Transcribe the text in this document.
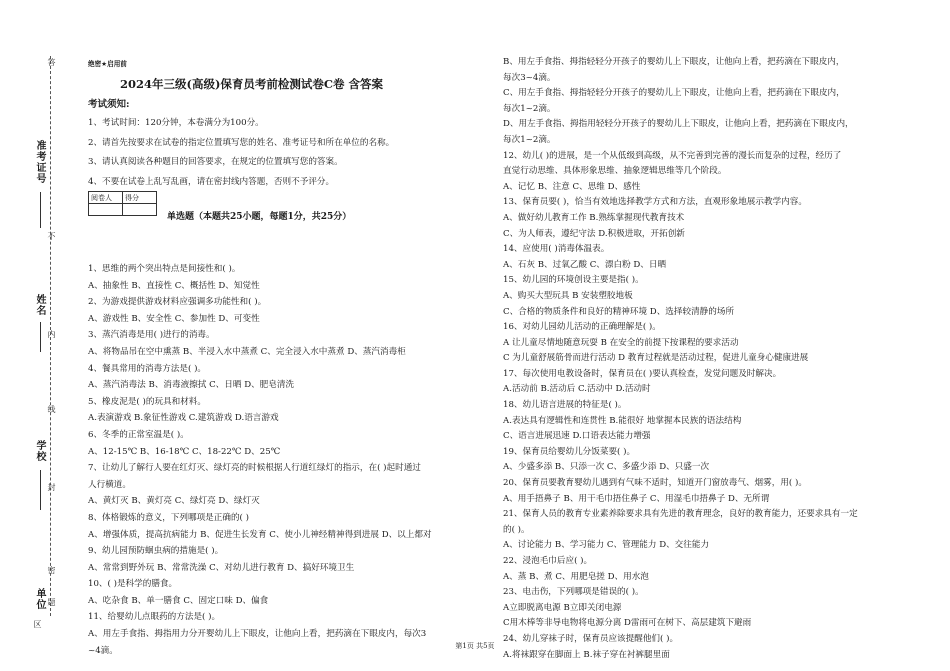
答
不
内
线
封
密
题
准考证号
姓名
学校
单位
区
绝密★启用前
2024年三级(高级)保育员考前检测试卷C卷 含答案
考试须知:
1、考试时间：120分钟，本卷满分为100分。
2、请首先按要求在试卷的指定位置填写您的姓名、准考证号和所在单位的名称。
3、请认真阅读各种题目的回答要求，在规定的位置填写您的答案。
4、不要在试卷上乱写乱画，请在密封线内答题，否则不予评分。
阅卷人	得分

单选题（本题共25小题，每题1分，共25分）
1、思维的两个突出特点是间接性和( )。
A、抽象性 B、直接性 C、概括性 D、知觉性
2、为游戏提供游戏材料应强调多功能性和( )。
A、游戏性 B、安全性 C、参加性 D、可变性
3、蒸汽消毒是用( )进行的消毒。
A、将物品吊在空中熏蒸 B、半浸入水中蒸煮 C、完全浸入水中蒸煮 D、蒸汽消毒柜
4、餐具常用的消毒方法是( )。
A、蒸汽消毒法 B、消毒液擦拭 C、日晒 D、肥皂清洗
5、橡皮泥是( )的玩具和材料。
A.表演游戏 B.象征性游戏 C.建筑游戏 D.语言游戏
6、冬季的正常室温是( )。
A、12-15℃ B、16-18℃ C、18-22℃ D、25℃
7、让幼儿了解行人要在红灯灭、绿灯亮的时候根据人行道红绿灯的指示，在( )起时通过
人行横道。
A、黄灯灭 B、黄灯亮 C、绿灯亮 D、绿灯灭
8、体格锻炼的意义，下列哪项是正确的( )
A、增强体质，提高抗病能力 B、促进生长发育 C、使小儿神经精神得到进展 D、以上都对
9、幼儿园预防蛔虫病的措施是( )。
A、常常到野外玩 B、常常洗澡 C、对幼儿进行教育 D、搞好环境卫生
10、( )是科学的膳食。
A、吃杂食 B、单一膳食 C、固定口味 D、偏食
11、给婴幼儿点眼药的方法是( )。
A、用左手食指、拇指用力分开婴幼儿上下眼皮，让他向上看，把药滴在下眼皮内，每次3
~4滴。
B、用左手食指、拇指轻轻分开孩子的婴幼儿上下眼皮，让他向上看，把药滴在下眼皮内，
每次3~4滴。
C、用左手食指、拇指轻轻分开孩子的婴幼儿上下眼皮，让他向上看，把药滴在下眼皮内，
每次1~2滴。
D、用左手食指、拇指用轻轻分开孩子的婴幼儿上下眼皮，让他向上看，把药滴在下眼皮内，
每次1~2滴。
12、幼儿( )的进展，是一个从低级到高级，从不完善到完善的漫长而复杂的过程，经历了
直觉行动思维、具体形象思维、抽象逻辑思维等几个阶段。
A、记忆 B、注意 C、思维 D、感性
13、保育员要( )，恰当有效地选择教学方式和方法，直观形象地展示教学内容。
A、做好幼儿教育工作 B.熟练掌握现代教育技术
C、为人师表，遵纪守法 D.积极进取，开拓创新
14、应使用( )消毒体温表。
A、石灰 B、过氧乙酸 C、漂白粉 D、日晒
15、幼儿园的环境创设主要是指( )。
A、购买大型玩具 B 安装塑胶地板
C、合格的物质条件和良好的精神环境 D、选择较清静的场所
16、对幼儿园幼儿活动的正确理解是( )。
A 让儿童尽情地随意玩耍 B 在安全的前提下按课程的要求活动
C 为儿童舒展筋骨而进行活动 D 教育过程就是活动过程，促进儿童身心健康进展
17、每次使用电教设备时，保育员在( )要认真检查，发觉问题及时解决。
A.活动前 B.活动后 C.活动中 D.活动时
18、幼儿语言进展的特征是( )。
A.表达具有逻辑性和连贯性 B.能很好 地掌握本民族的语法结构
C、语言进展迅速 D.口语表达能力增强
19、保育员给婴幼儿分饭菜要( )。
A、少盛多添 B、只添一次 C、多盛少添 D、只盛一次
20、保育员要教育婴幼儿遇到有气味不适时，知道开门窗放毒气、烟雾，用( )。
A、用手捂鼻子 B、用干毛巾捂住鼻子 C、用湿毛巾捂鼻子 D、无所谓
21、保育人员的教育专业素养除要求具有先进的教育理念，良好的教育能力，还要求具有一定
的( )。
A、讨论能力 B、学习能力 C、管理能力 D、交往能力
22、浸泡毛巾后应( )。
A、蒸 B、煮 C、用肥皂搓 D、用水泡
23、电击伤，下列哪项是错误的( )。
A立即脱离电源 B立即关闭电源
C用木棒等非导电物将电源分离 D雷雨可在树下、高层建筑下避雨
24、幼儿穿袜子时，保育员应该提醒他们( )。
A.将袜跟穿在脚面上 B.袜子穿在衬裤腿里面
第1页 共5页
